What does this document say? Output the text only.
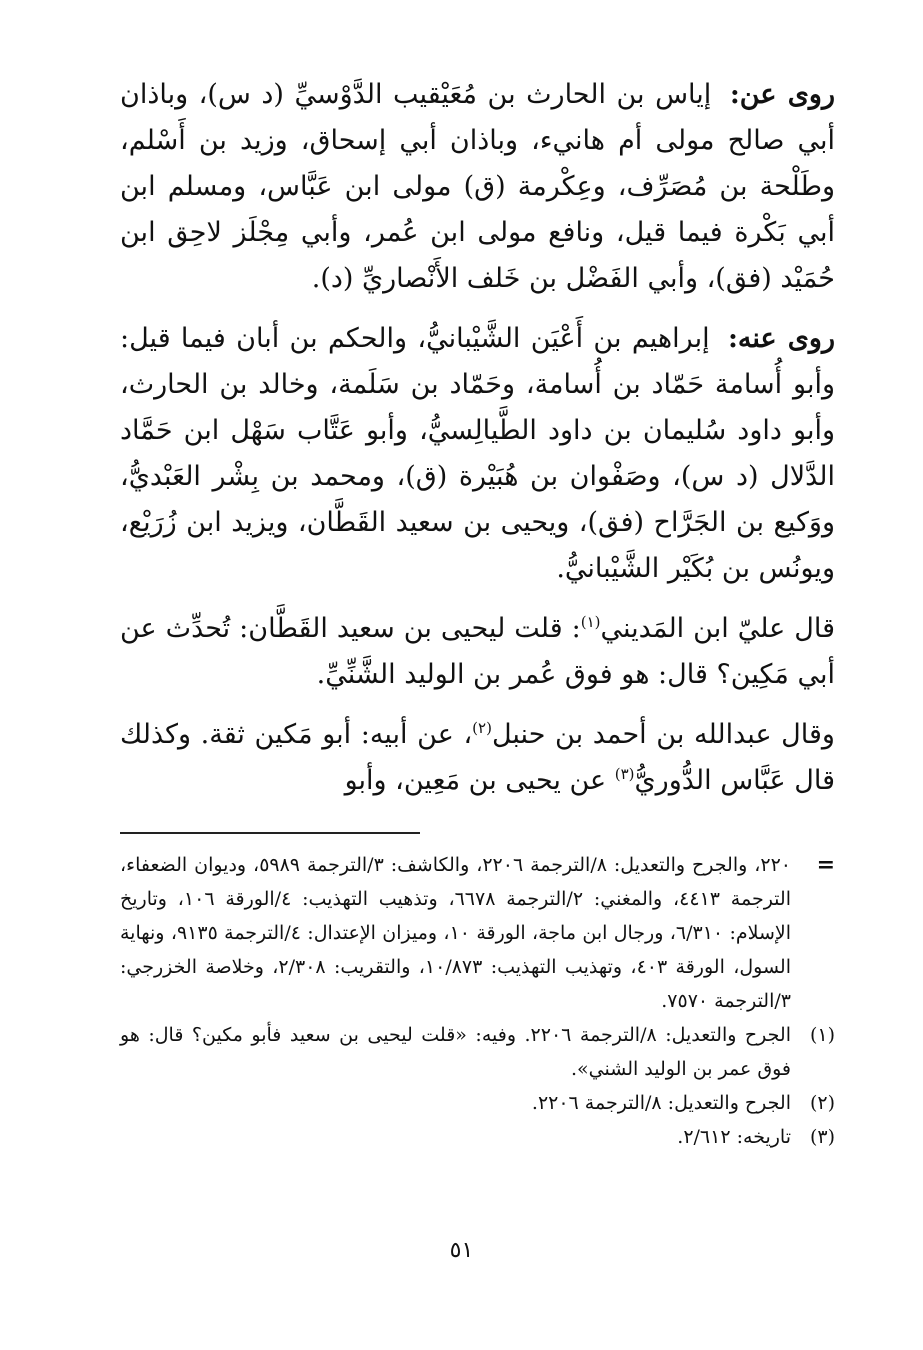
روى عن: إياس بن الحارث بن مُعَيْقيب الدَّوْسيِّ (د س)، وباذان أبي صالح مولى أم هانيء، وباذان أبي إسحاق، وزيد بن أَسْلم، وطَلْحة بن مُصَرِّف، وعِكْرمة (ق) مولى ابن عَبَّاس، ومسلم ابن أبي بَكْرة فيما قيل، ونافع مولى ابن عُمر، وأبي مِجْلَز لاحِق ابن حُمَيْد (فق)، وأبي الفَضْل بن خَلف الأَنْصاريِّ (د).

روى عنه: إبراهيم بن أَعْيَن الشَّيْبانيُّ، والحكم بن أبان فيما قيل: وأبو أُسامة حَمّاد بن أُسامة، وحَمّاد بن سَلَمة، وخالد بن الحارث، وأبو داود سُليمان بن داود الطَّيالِسيُّ، وأبو عَتَّاب سَهْل ابن حَمَّاد الدَّلال (د س)، وصَفْوان بن هُبَيْرة (ق)، ومحمد بن بِشْر العَبْديُّ، ووَكيع بن الجَرَّاح (فق)، ويحيى بن سعيد القَطَّان، ويزيد ابن زُرَيْع، ويونُس بن بُكَيْر الشَّيْبانيُّ.

قال عليّ ابن المَديني$^{(١)}$: قلت ليحيى بن سعيد القَطَّان: تُحدِّث عن أبي مَكِين؟ قال: هو فوق عُمر بن الوليد الشَّنِّيِّ.

وقال عبدالله بن أحمد بن حنبل$^{(٢)}$، عن أبيه: أبو مَكين ثقة. وكذلك قال عَبَّاس الدُّوريُّ$^{(٣)}$ عن يحيى بن مَعِين، وأبو

=
٢٢٠، والجرح والتعديل: ٨/الترجمة ٢٢٠٦، والكاشف: ٣/الترجمة ٥٩٨٩، وديوان الضعفاء، الترجمة ٤٤١٣، والمغني: ٢/الترجمة ٦٦٧٨، وتذهيب التهذيب: ٤/الورقة ١٠٦، وتاريخ الإسلام: ٦/٣١٠، ورجال ابن ماجة، الورقة ١٠، وميزان الإعتدال: ٤/الترجمة ٩١٣٥، ونهاية السول، الورقة ٤٠٣، وتهذيب التهذيب: ١٠/٨٧٣، والتقريب: ٢/٣٠٨، وخلاصة الخزرجي: ٣/الترجمة ٧٥٧٠.
(١)
الجرح والتعديل: ٨/الترجمة ٢٢٠٦. وفيه: «قلت ليحيى بن سعيد فأبو مكين؟ قال: هو فوق عمر بن الوليد الشني».
(٢)
الجرح والتعديل: ٨/الترجمة ٢٢٠٦.
(٣)
تاريخه: ٢/٦١٢.
٥١
